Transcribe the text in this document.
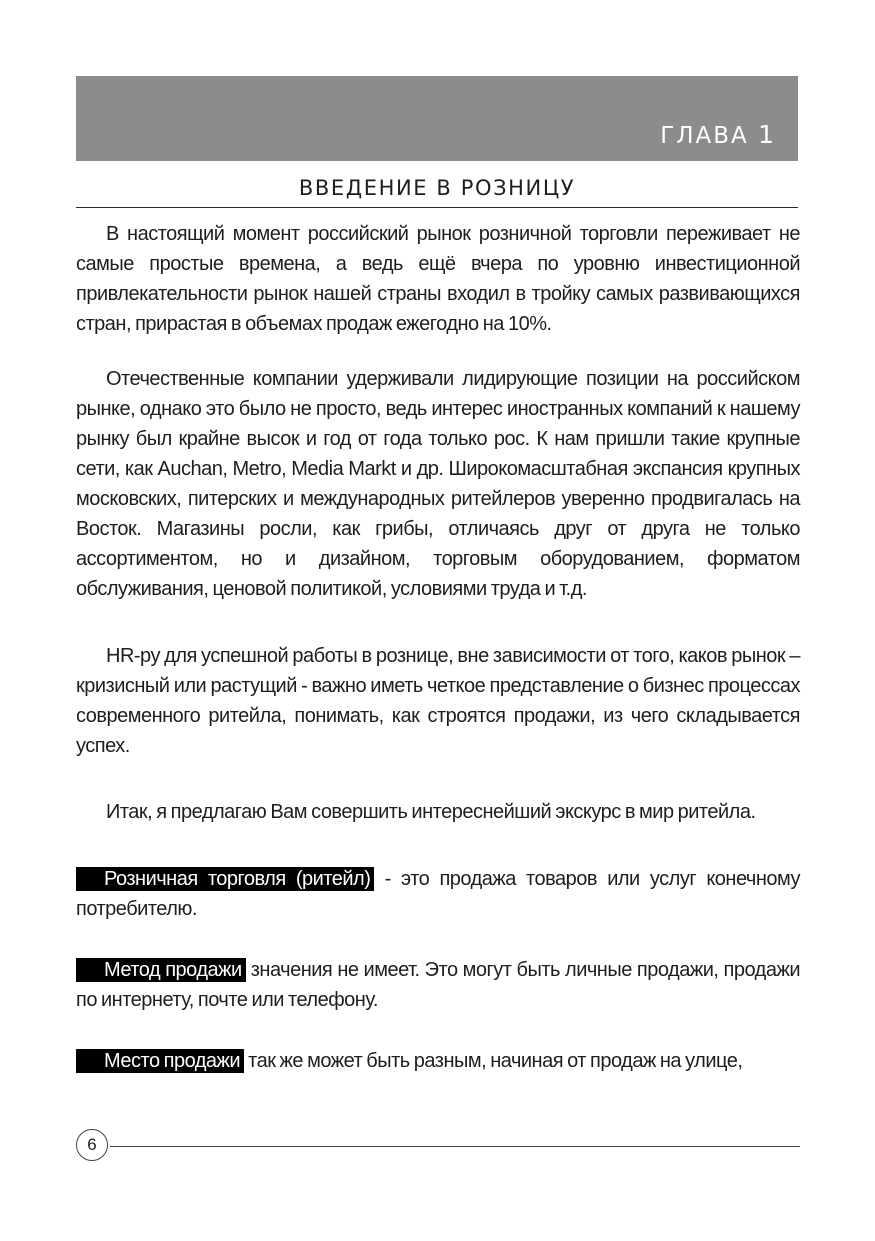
ГЛАВА 1
ВВЕДЕНИЕ В РОЗНИЦУ

В настоящий момент российский рынок розничной торговли переживает не самые простые времена, а ведь ещё вчера по уровню инвестиционной привлекательности рынок нашей страны входил в тройку самых развивающихся стран, прирастая в объемах продаж ежегодно на 10%.

Отечественные компании удерживали лидирующие позиции на российском рынке, однако это было не просто, ведь интерес иностранных компаний к нашему рынку был крайне высок и год от года только рос. К нам пришли такие крупные сети, как Auchan, Metro, Media Markt и др. Широкомасштабная экспансия крупных московских, питерских и международных ритейлеров уверенно продвигалась на Восток. Магазины росли, как грибы, отличаясь друг от друга не только ассортиментом, но и дизайном, торговым оборудованием, форматом обслуживания, ценовой политикой, условиями труда и т.д.

HR-ру для успешной работы в рознице, вне зависимости от того, каков рынок – кризисный или растущий - важно иметь четкое представление о бизнес процессах современного ритейла, понимать, как строятся продажи, из чего складывается успех.

Итак, я предлагаю Вам совершить интереснейший экскурс в мир ритейла.

Розничная торговля (ритейл) - это продажа товаров или услуг конечному потребителю.

Метод продажи значения не имеет. Это могут быть личные продажи, продажи по интернету, почте или телефону.

Место продажи так же может быть разным, начиная от продаж на улице,

6
